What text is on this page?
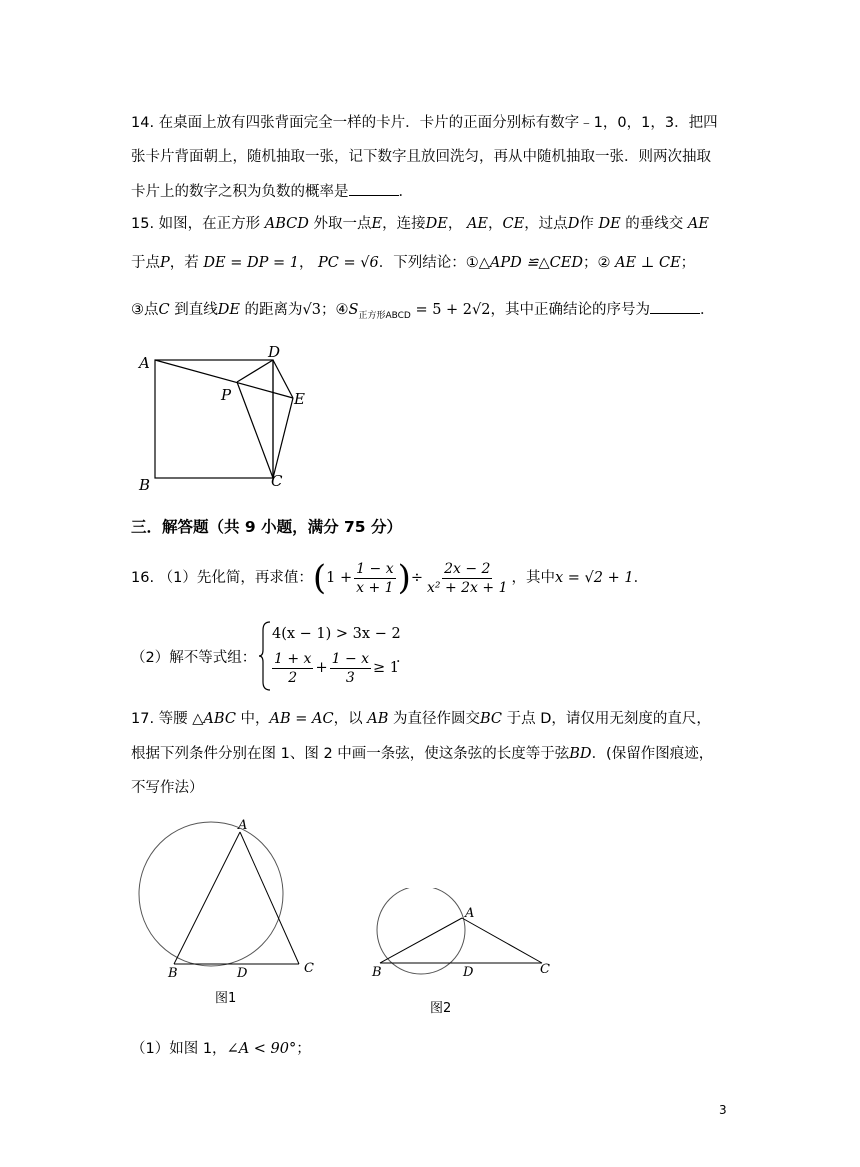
14. 在桌面上放有四张背面完全一样的卡片．卡片的正面分别标有数字﹣1，0，1，3．把四
张卡片背面朝上，随机抽取一张，记下数字且放回洗匀，再从中随机抽取一张．则两次抽取
卡片上的数字之积为负数的概率是	．
15. 如图，在正方形 ABCD 外取一点E，连接DE， AE，CE，过点D作 DE 的垂线交 AE
于点P，若 DE = DP = 1， PC = √6．下列结论：①△APD ≌△CED；② AE ⊥ CE；
③点C 到直线DE 的距离为√3；$④S_{正方形ABCD} = 5 + 2√2$，其中正确结论的序号为	．
A
D
P	E
B	C
三．解答题（共 9 小题，满分 75 分）
16. （1）先化简，再求值：($1 + \frac{1 - x}{x + 1}$ )÷ $\frac{2x - 2}{\text{x² + 2x + 1}}$ ，其中x = √2 + 1．
（2）解不等式组：
4(x − 1) > 3x − 2
$\frac{1 + x}{2} + \frac{1 - x}{3} \ge 1$
．
17. 等腰 △ABC 中，AB = AC，以 AB 为直径作圆交BC 于点 D，请仅用无刻度的直尺，
根据下列条件分别在图 1、图 2 中画一条弦，使这条弦的长度等于弦BD．(保留作图痕迹，
不写作法）
A
B	D	C
图1
A
B	D	C
图2
（1）如图 1，∠A < 90°；
3
